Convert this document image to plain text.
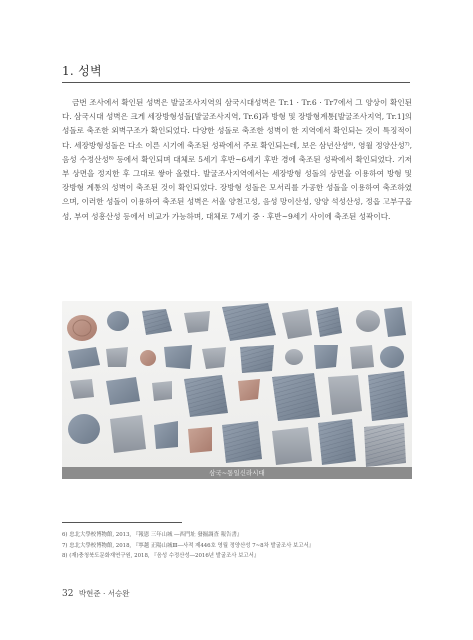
1. 성벽

금번 조사에서 확인된 성벽은 발굴조사지역의 삼국시대성벽은 Tr.1 · Tr.6 · Tr7에서 그 양상이 확인된다. 삼국시대 성벽은 크게 세장방형성돌[발굴조사지역, Tr.6]과 방형 및 장방형계통[발굴조사지역, Tr.1]의 성돌로 축조한 외벽구조가 확인되었다. 다양한 성돌로 축조한 성벽이 한 지역에서 확인되는 것이 특징적이다. 세장방형성돌은 다소 이른 시기에 축조된 성곽에서 주로 확인되는데, 보은 삼년산성⁶⁾, 영월 정양산성⁷⁾, 음성 수정산성⁸⁾ 등에서 확인되며 대체로 5세기 후반~6세기 후반 경에 축조된 성곽에서 확인되었다. 기저부 상면을 정지한 후 그대로 쌓아 올렸다. 발굴조사지역에서는 세장방형 성돌의 상면을 이용하여 방형 및 장방형 계통의 성벽이 축조된 것이 확인되었다. 장방형 성돌은 모서리를 가공한 성돌을 이용하여 축조하였으며, 이러한 성돌이 이용하여 축조된 성벽은 서울 양천고성, 음성 망이산성, 양양 석성산성, 정읍 고부구읍성, 부여 성흥산성 등에서 비교가 가능하며, 대체로 7세기 중 · 후반~9세기 사이에 축조된 성곽이다.

삼국~통일신라시대
6) 忠北大學校博物館, 2013, 『報恩 三年山城 ―西門址 發掘調査 報告書』
7) 忠北大學校博物館, 2018, 『寧越 正陽山城Ⅲ―사적 제446호 영월 정양산성 7~8차 발굴조사 보고서』
8) (재)충청북도문화재연구원, 2018, 『음성 수정산성―2016년 발굴조사 보고서』
32 박현준 · 서승완
